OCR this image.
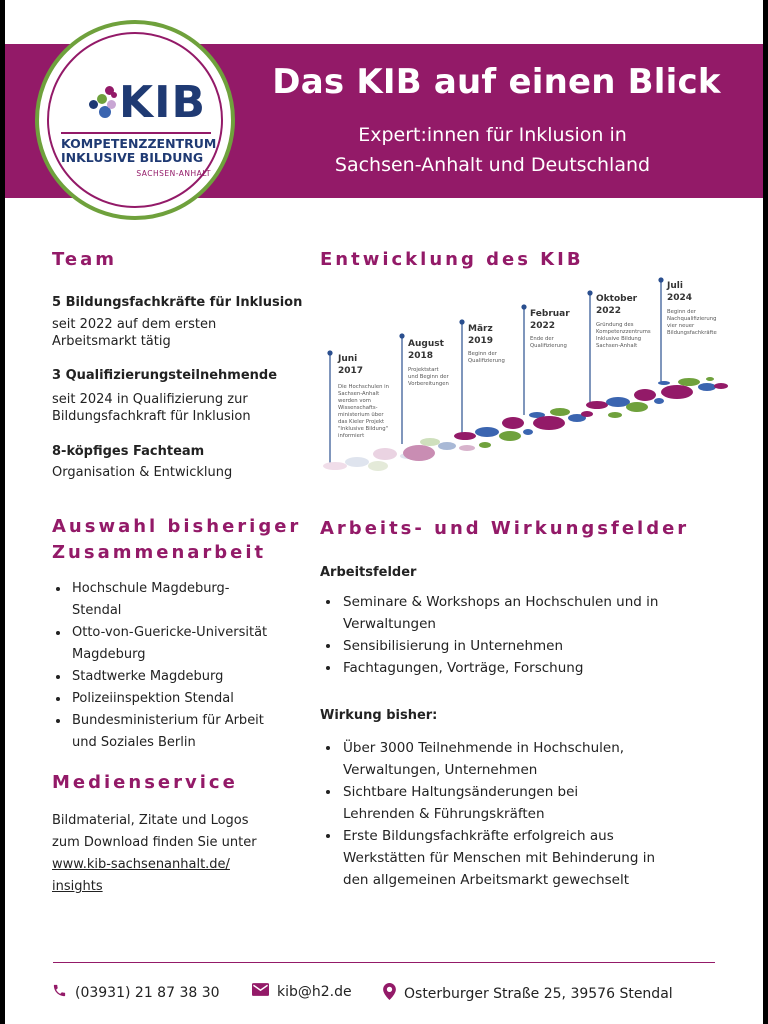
Das KIB auf einen Blick
Expert:innen für Inklusion in
Sachsen-Anhalt und Deutschland
KIB
KOMPETENZZENTRUM
INKLUSIVE BILDUNG
SACHSEN-ANHALT
Team
5 Bildungsfachkräfte für Inklusion
seit 2022 auf dem ersten
Arbeitsmarkt tätig
3 Qualifizierungsteilnehmende
seit 2024 in Qualifizierung zur
Bildungsfachkraft für Inklusion
8-köpfiges Fachteam
Organisation & Entwicklung
Entwicklung des KIB
Juni
2017
Die Hochschulen in
Sachsen-Anhalt
werden vom
Wissenschafts-
ministerium über
das Kieler Projekt
"Inklusive Bildung"
informiert
August
2018
Projektstart
und Beginn der
Vorbereitungen
März
2019
Beginn der
Qualifizierung
Februar
2022
Ende der
Qualifizierung
Oktober
2022
Gründung des
Kompetenzzentrums
Inklusive Bildung
Sachsen-Anhalt
Juli
2024
Beginn der
Nachqualifizierung
vier neuer
Bildungsfachkräfte
Auswahl bisheriger
Zusammenarbeit
• Hochschule Magdeburg-
Stendal
• Otto-von-Guericke-Universität
Magdeburg
• Stadtwerke Magdeburg
• Polizeiinspektion Stendal
• Bundesministerium für Arbeit
und Soziales Berlin
Medienservice
Bildmaterial, Zitate und Logos
zum Download finden Sie unter
www.kib-sachsenanhalt.de/
insights
Arbeits- und Wirkungsfelder
Arbeitsfelder
• Seminare & Workshops an Hochschulen und in
Verwaltungen
• Sensibilisierung in Unternehmen
• Fachtagungen, Vorträge, Forschung
Wirkung bisher:
• Über 3000 Teilnehmende in Hochschulen,
Verwaltungen, Unternehmen
• Sichtbare Haltungsänderungen bei
Lehrenden & Führungskräften
• Erste Bildungsfachkräfte erfolgreich aus
Werkstätten für Menschen mit Behinderung in
den allgemeinen Arbeitsmarkt gewechselt
(03931) 21 87 38 30	kib@h2.de	Osterburger Straße 25, 39576 Stendal
